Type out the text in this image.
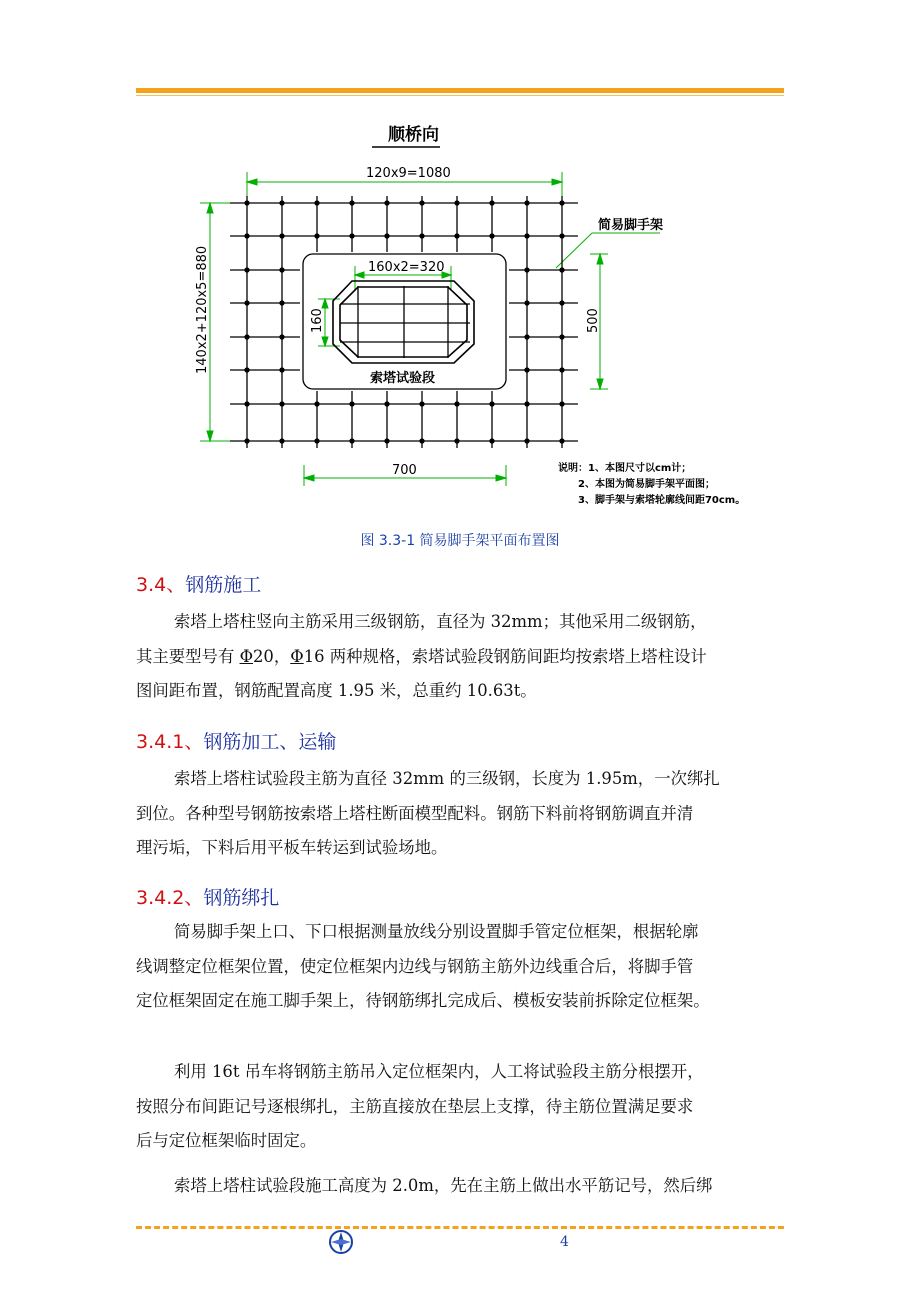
顺桥向
120x9=1080
140x2+120x5=880	160x2=320
160	500
700
简易脚手架
索塔试验段
说明：1、本图尺寸以cm计；
2、本图为简易脚手架平面图；
3、脚手架与索塔轮廓线间距70cm。
图 3.3-1 简易脚手架平面布置图
3.4、钢筋施工
索塔上塔柱竖向主筋采用三级钢筋，直径为 32mm；其他采用二级钢筋，
其主要型号有 Φ20，Φ16 两种规格，索塔试验段钢筋间距均按索塔上塔柱设计
图间距布置，钢筋配置高度 1.95 米，总重约 10.63t。
3.4.1、钢筋加工、运输
索塔上塔柱试验段主筋为直径 32mm 的三级钢，长度为 1.95m，一次绑扎
到位。各种型号钢筋按索塔上塔柱断面模型配料。钢筋下料前将钢筋调直并清
理污垢，下料后用平板车转运到试验场地。
3.4.2、钢筋绑扎
简易脚手架上口、下口根据测量放线分别设置脚手管定位框架，根据轮廓
线调整定位框架位置，使定位框架内边线与钢筋主筋外边线重合后，将脚手管
定位框架固定在施工脚手架上，待钢筋绑扎完成后、模板安装前拆除定位框架。
利用 16t 吊车将钢筋主筋吊入定位框架内，人工将试验段主筋分根摆开，
按照分布间距记号逐根绑扎，主筋直接放在垫层上支撑，待主筋位置满足要求
后与定位框架临时固定。
索塔上塔柱试验段施工高度为 2.0m，先在主筋上做出水平筋记号，然后绑
4
